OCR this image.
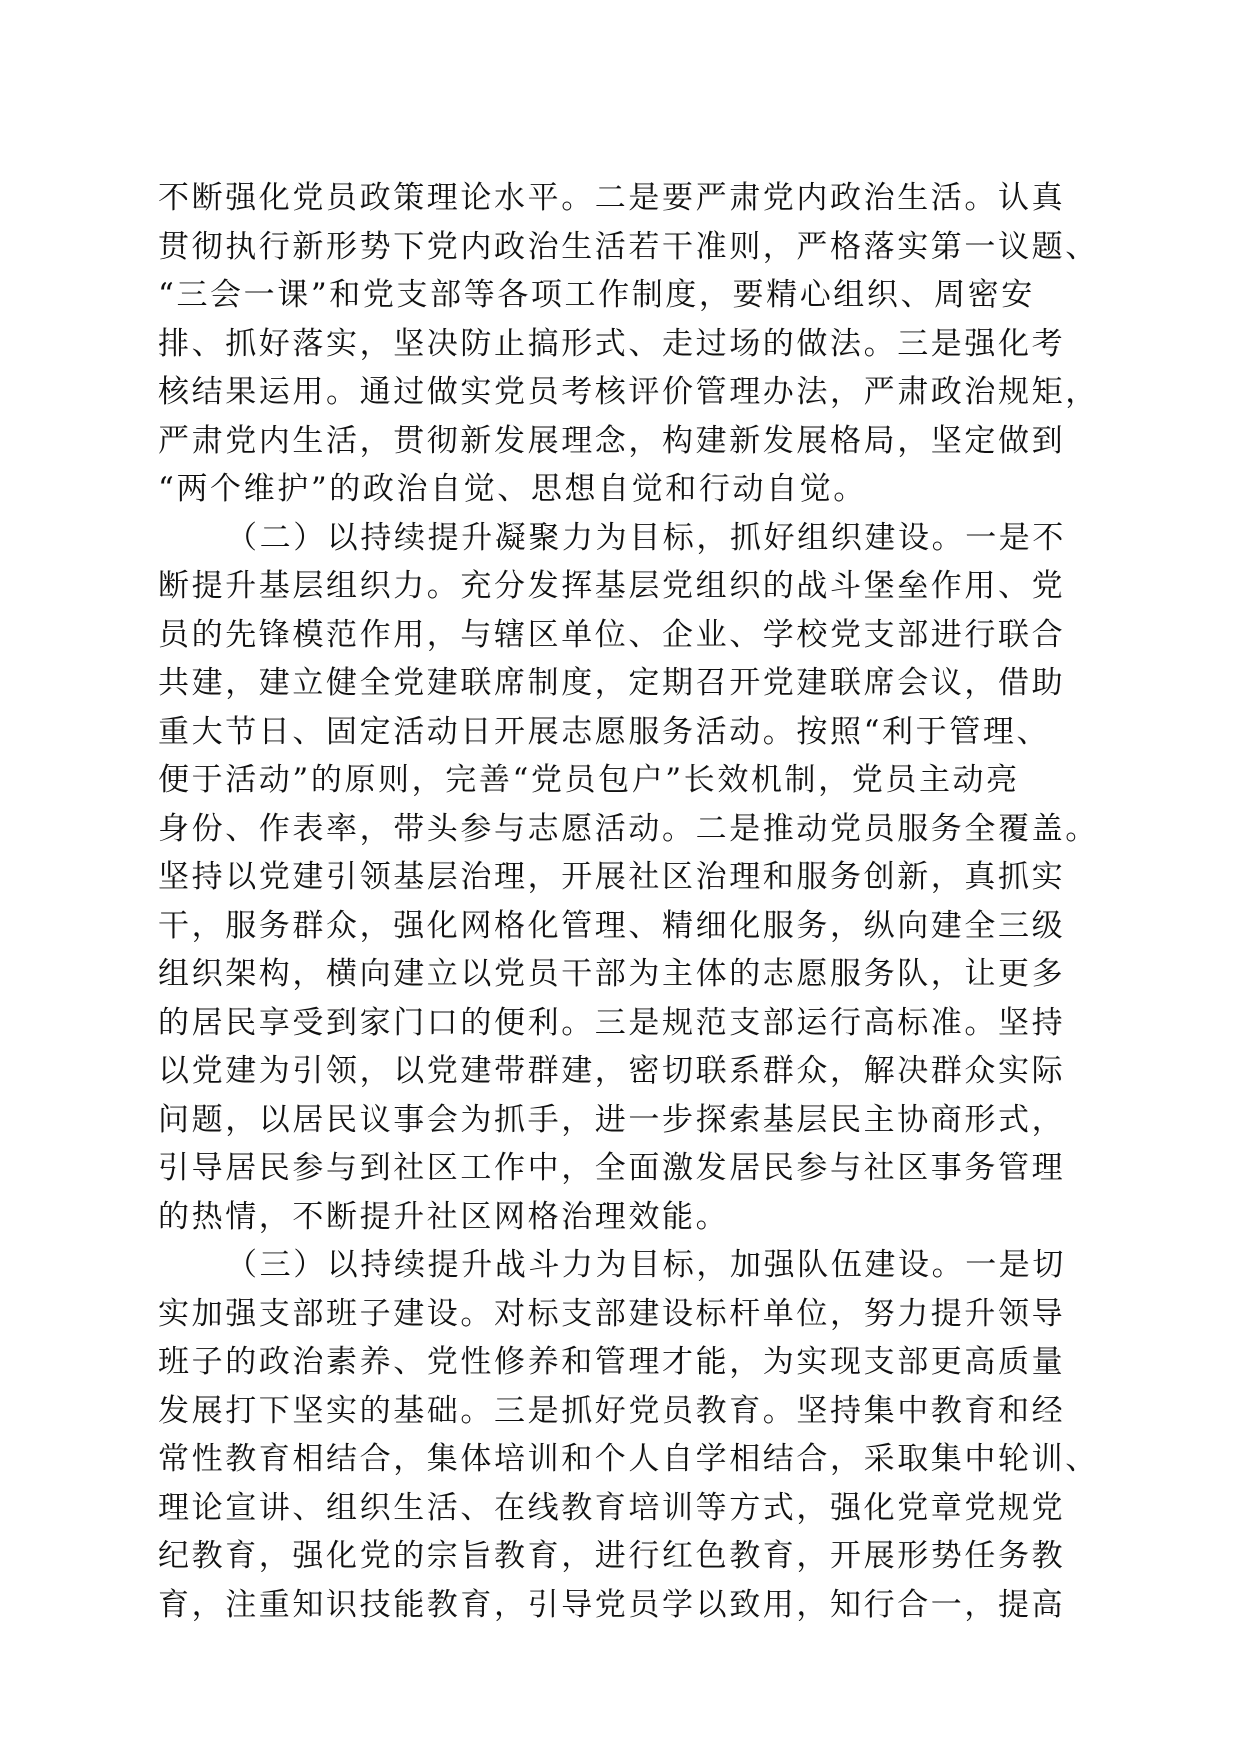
不断强化党员政策理论水平。二是要严肃党内政治生活。认真
贯彻执行新形势下党内政治生活若干准则，严格落实第一议题、
“三会一课”和党支部等各项工作制度，要精心组织、周密安
排、抓好落实，坚决防止搞形式、走过场的做法。三是强化考
核结果运用。通过做实党员考核评价管理办法，严肃政治规矩，
严肃党内生活，贯彻新发展理念，构建新发展格局，坚定做到
“两个维护”的政治自觉、思想自觉和行动自觉。
（二）以持续提升凝聚力为目标，抓好组织建设。一是不
断提升基层组织力。充分发挥基层党组织的战斗堡垒作用、党
员的先锋模范作用，与辖区单位、企业、学校党支部进行联合
共建，建立健全党建联席制度，定期召开党建联席会议，借助
重大节日、固定活动日开展志愿服务活动。按照“利于管理、
便于活动”的原则，完善“党员包户”长效机制，党员主动亮
身份、作表率，带头参与志愿活动。二是推动党员服务全覆盖。
坚持以党建引领基层治理，开展社区治理和服务创新，真抓实
干，服务群众，强化网格化管理、精细化服务，纵向建全三级
组织架构，横向建立以党员干部为主体的志愿服务队，让更多
的居民享受到家门口的便利。三是规范支部运行高标准。坚持
以党建为引领，以党建带群建，密切联系群众，解决群众实际
问题，以居民议事会为抓手，进一步探索基层民主协商形式，
引导居民参与到社区工作中，全面激发居民参与社区事务管理
的热情，不断提升社区网格治理效能。
（三）以持续提升战斗力为目标，加强队伍建设。一是切
实加强支部班子建设。对标支部建设标杆单位，努力提升领导
班子的政治素养、党性修养和管理才能，为实现支部更高质量
发展打下坚实的基础。三是抓好党员教育。坚持集中教育和经
常性教育相结合，集体培训和个人自学相结合，采取集中轮训、
理论宣讲、组织生活、在线教育培训等方式，强化党章党规党
纪教育，强化党的宗旨教育，进行红色教育，开展形势任务教
育，注重知识技能教育，引导党员学以致用，知行合一，提高
